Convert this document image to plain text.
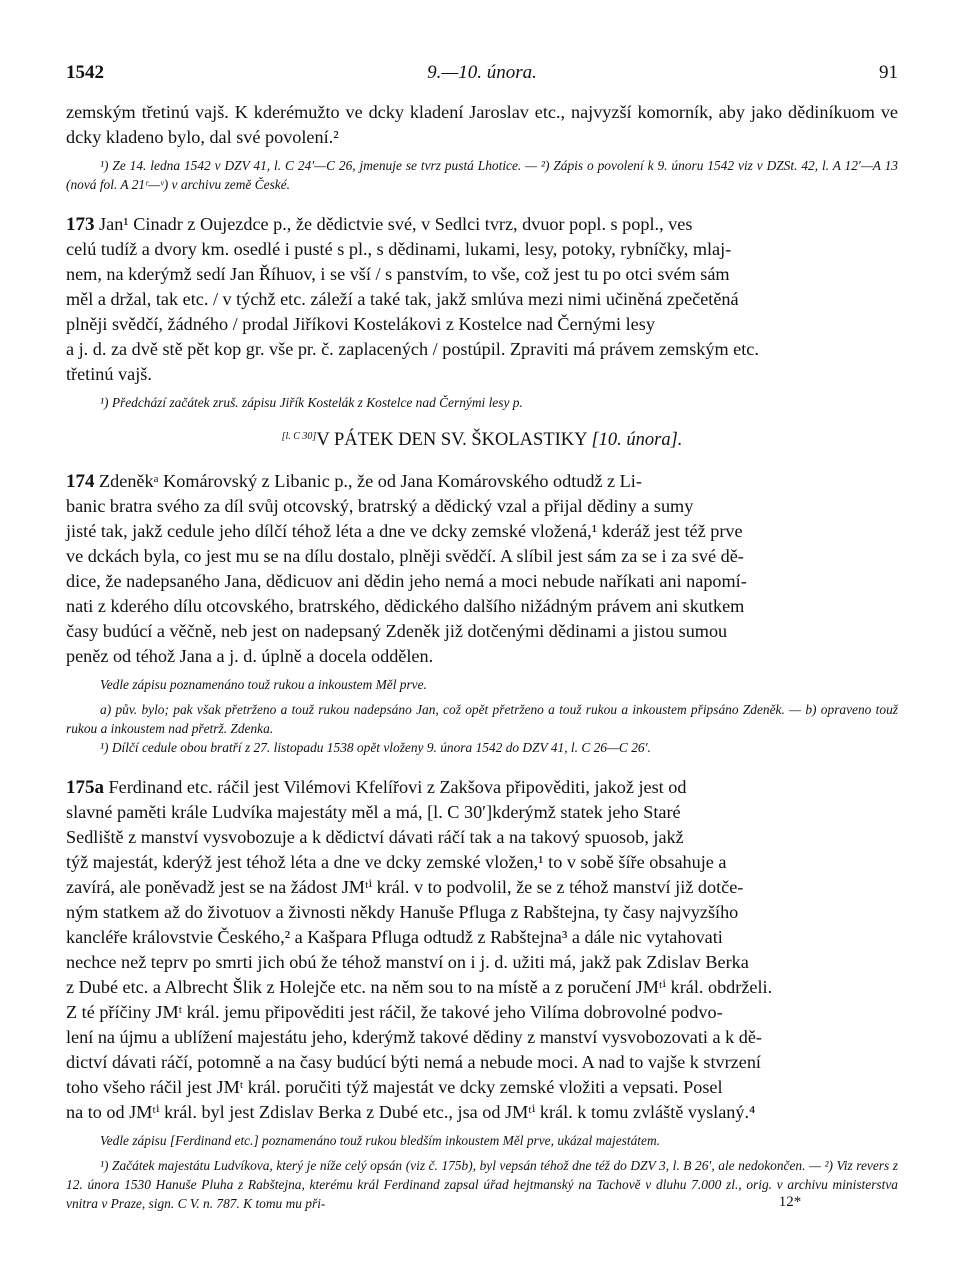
1542	9.—10. února.	91

zemským třetinú vajš. K kderémužto ve dcky kladení Jaroslav etc., najvyzší komorník, aby jako dědiníkuom ve dcky kladeno bylo, dal své povolení.²

¹) Ze 14. ledna 1542 v DZV 41, l. C 24′—C 26, jmenuje se tvrz pustá Lhotice. — ²) Zápis o povolení k 9. únoru 1542 viz v DZSt. 42, l. A 12′—A 13 (nová fol. A 21ʳ—ᵛ) v archivu země České.

173 Jan¹ Cinadr z Oujezdce p., že dědictvie své, v Sedlci tvrz, dvuor popl. s popl., ves

celú tudíž a dvory km. osedlé i pusté s pl., s dědinami, lukami, lesy, potoky, rybníčky, mlaj-

nem, na kderýmž sedí Jan Říhuov, i se vší / s panstvím, to vše, což jest tu po otci svém sám

měl a držal, tak etc. / v týchž etc. záleží a také tak, jakž smlúva mezi nimi učiněná zpečetěná

plněji svědčí, žádného / prodal Jiříkovi Kostelákovi z Kostelce nad Černými lesy

a j. d. za dvě stě pět kop gr. vše pr. č. zaplacených / postúpil. Zpraviti má právem zemským etc.

třetinú vajš.

¹) Předchází začátek zruš. zápisu Jiřík Kostelák z Kostelce nad Černými lesy p.

[l. C 30]V PÁTEK DEN SV. ŠKOLASTIKY [10. února].

174 Zdeněkᵃ Komárovský z Libanic p., že od Jana Komárovského odtudž z Li-

banic bratra svého za díl svůj otcovský, bratrský a dědický vzal a přijal dědiny a sumy

jisté tak, jakž cedule jeho dílčí téhož léta a dne ve dcky zemské vložená,¹ kderáž jest též prve

ve dckách byla, co jest mu se na dílu dostalo, plněji svědčí. A slíbil jest sám za se i za své dě-

dice, že nadepsaného Jana, dědicuov ani dědin jeho nemá a moci nebude naříkati ani napomí-

nati z kderého dílu otcovského, bratrského, dědického dalšího nižádným právem ani skutkem

časy budúcí a věčně, neb jest on nadepsaný Zdeněk již dotčenými dědinami a jistou sumou

peněz od téhož Jana a j. d. úplně a docela oddělen.

Vedle zápisu poznamenáno touž rukou a inkoustem Měl prve.

a) pův. bylo; pak však přetrženo a touž rukou nadepsáno Jan, což opět přetrženo a touž rukou a inkoustem připsáno Zdeněk. — b) opraveno touž rukou a inkoustem nad přetrž. Zdenka.

¹) Dílčí cedule obou bratří z 27. listopadu 1538 opět vloženy 9. února 1542 do DZV 41, l. C 26—C 26′.

175a Ferdinand etc. ráčil jest Vilémovi Kfelířovi z Zakšova připověditi, jakož jest od

slavné paměti krále Ludvíka majestáty měl a má, [l. C 30′]kderýmž statek jeho Staré

Sedliště z manství vysvobozuje a k dědictví dávati ráčí tak a na takový spuosob, jakž

týž majestát, kderýž jest téhož léta a dne ve dcky zemské vložen,¹ to v sobě šíře obsahuje a

zavírá, ale poněvadž jest se na žádost JMᵗⁱ král. v to podvolil, že se z téhož manství již dotče-

ným statkem až do životuov a živnosti někdy Hanuše Pfluga z Rabštejna, ty časy najvyzšího

kancléře královstvie Českého,² a Kašpara Pfluga odtudž z Rabštejna³ a dále nic vytahovati

nechce než teprv po smrti jich obú že téhož manství on i j. d. užiti má, jakž pak Zdislav Berka

z Dubé etc. a Albrecht Šlik z Holejče etc. na něm sou to na místě a z poručení JMᵗⁱ král. obdrželi.

Z té příčiny JMᵗ král. jemu připověditi jest ráčil, že takové jeho Vilíma dobrovolné podvo-

lení na újmu a ublížení majestátu jeho, kderýmž takové dědiny z manství vysvobozovati a k dě-

dictví dávati ráčí, potomně a na časy budúcí býti nemá a nebude moci. A nad to vajše k stvrzení

toho všeho ráčil jest JMᵗ král. poručiti týž majestát ve dcky zemské vložiti a vepsati. Posel

na to od JMᵗⁱ král. byl jest Zdislav Berka z Dubé etc., jsa od JMᵗⁱ král. k tomu zvláště vyslaný.⁴

Vedle zápisu [Ferdinand etc.] poznamenáno touž rukou bledším inkoustem Měl prve, ukázal majestátem.

¹) Začátek majestátu Ludvíkova, který je níže celý opsán (viz č. 175b), byl vepsán téhož dne též do DZV 3, l. B 26′, ale nedokončen. — ²) Viz revers z 12. února 1530 Hanuše Pluha z Rabštejna, kterému král Ferdinand zapsal úřad hejtmanský na Tachově v dluhu 7.000 zl., orig. v archivu ministerstva vnitra v Praze, sign. C V. n. 787. K tomu mu při-	12*
